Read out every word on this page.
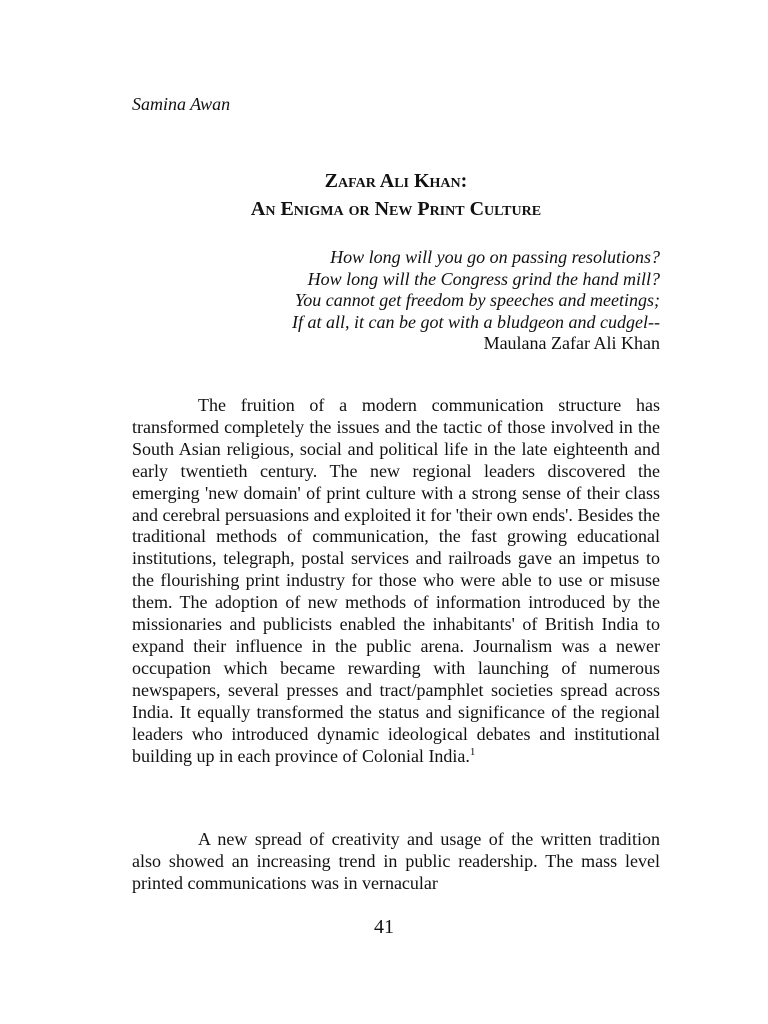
Samina Awan
Zafar Ali Khan:
An Enigma or New Print Culture
How long will you go on passing resolutions?
How long will the Congress grind the hand mill?
You cannot get freedom by speeches and meetings;
If at all, it can be got with a bludgeon and cudgel--
Maulana Zafar Ali Khan

The fruition of a modern communication structure has transformed completely the issues and the tactic of those involved in the South Asian religious, social and political life in the late eighteenth and early twentieth century. The new regional leaders discovered the emerging 'new domain' of print culture with a strong sense of their class and cerebral persuasions and exploited it for 'their own ends'. Besides the traditional methods of communication, the fast growing educational institutions, telegraph, postal services and railroads gave an impetus to the flourishing print industry for those who were able to use or misuse them. The adoption of new methods of information introduced by the missionaries and publicists enabled the inhabitants' of British India to expand their influence in the public arena. Journalism was a newer occupation which became rewarding with launching of numerous newspapers, several presses and tract/pamphlet societies spread across India. It equally transformed the status and significance of the regional leaders who introduced dynamic ideological debates and institutional building up in each province of Colonial India.$^1$

A new spread of creativity and usage of the written tradition also showed an increasing trend in public readership. The mass level printed communications was in vernacular

41
